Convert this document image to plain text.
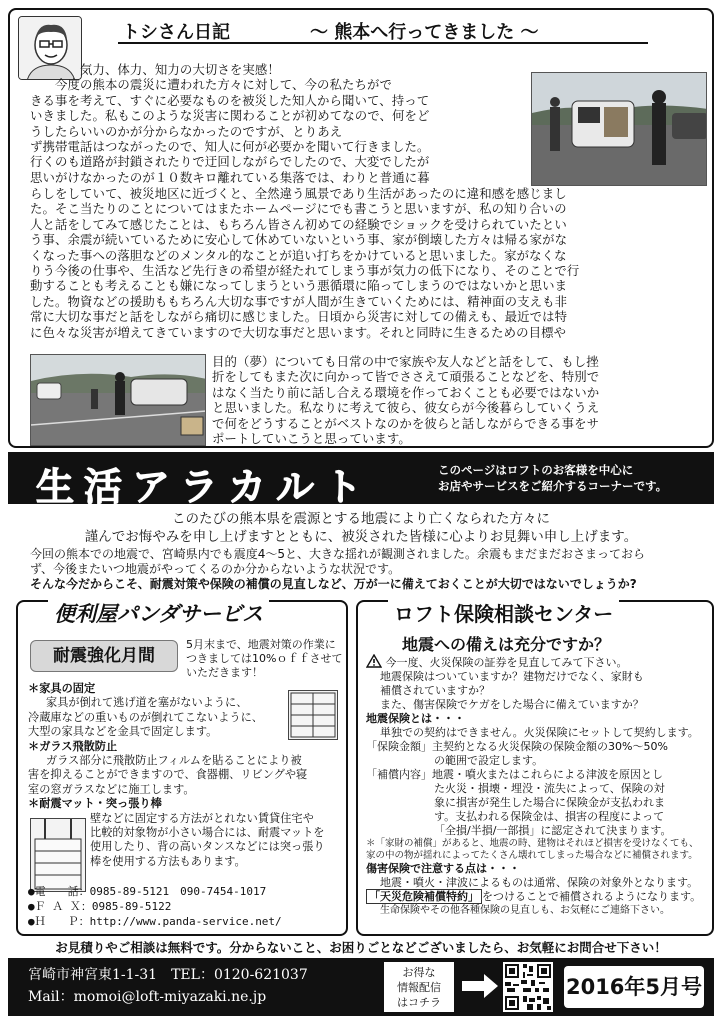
トシさん日記	～ 熊本へ行ってきました ～

　　　　気力、体力、知力の大切さを実感！

　　今度の熊本の震災に遭われた方々に対して、今の私たちがで

きる事を考えて、すぐに必要なものを被災した知人から聞いて、持って

いきました。私もこのような災害に関わることが初めてなので、何をど

うしたらいいのかが分からなかったのですが、とりあえ

ず携帯電話はつながったので、知人に何が必要かを聞いて行きました。

行くのも道路が封鎖されたりで迂回しながらでしたので、大変でしたが

思いがけなかったのが１０数キロ離れている集落では、わりと普通に暮

らしをしていて、被災地区に近づくと、全然違う風景であり生活があったのに違和感を感じまし

た。そこ当たりのことについてはまたホームページにでも書こうと思いますが、私の知り合いの

人と話をしてみて感じたことは、もちろん皆さん初めての経験でショックを受けられていたとい

う事、余震が続いているために安心して休めていないという事、家が倒壊した方々は帰る家がな

くなった事への落胆などのメンタル的なことが追い打ちをかけていると思いました。家がなくな

りう今後の仕事や、生活など先行きの希望が経たれてしまう事が気力の低下になり、そのことで行

動することも考えることも嫌になってしまうという悪循環に陥ってしまうのではないかと思いま

した。物資などの援助ももちろん大切な事ですが人間が生きていくためには、精神面の支えも非

常に大切な事だと話をしながら痛切に感じました。日頃から災害に対しての備えも、最近では特

に色々な災害が増えてきていますので大切な事だと思います。それと同時に生きるための目標や

目的（夢）についても日常の中で家族や友人などと話をして、もし挫

折をしてもまた次に向かって皆でささえて頑張ることなどを、特別で

はなく当たり前に話し合える環境を作っておくことも必要ではないか

と思いました。私なりに考えて彼ら、彼女らが今後暮らしていくうえ

で何をどうすることがベストなのかを彼らと話しながらできる事をサ

ポートしていこうと思っています。

生活アラカルト	このページはロフトのお客様を中心に
お店やサービスをご紹介するコーナーです。
このたびの熊本県を震源とする地震により亡くなられた方々に
謹んでお悔やみを申し上げますとともに、被災された皆様に心よりお見舞い申し上げます。
今回の熊本での地震で、宮崎県内でも震度4～5と、大きな揺れが観測されました。余震もまだまだおさまっておら
ず、今後またいつ地震がやってくるのか分からないような状況です。
そんな今だからこそ、耐震対策や保険の補償の見直しなど、万が一に備えておくことが大切ではないでしょうか?
便利屋パンダサービス
耐震強化月間
5月末まで、地震対策の作業につきましては10%ｏｆｆさせていただきます！
＊家具の固定
家具が倒れて逃げ道を塞がないように、
冷蔵庫などの重いものが倒れてこないように、
大型の家具などを金具で固定します。
＊ガラス飛散防止
ガラス部分に飛散防止フィルムを貼ることにより被
害を抑えることができますので、食器棚、リビングや寝
室の窓ガラスなどに施工します。
＊耐震マット・突っ張り棒
壁などに固定する方法がとれない賃貸住宅や
比較的対象物が小さい場合には、耐震マットを
使用したり、背の高いタンスなどには突っ張り
棒を使用する方法もあります。
●電　　話：0985-89-5121　090-7454-1017
●Ｆ Ａ Ｘ：0985-89-5122
●Ｈ　　Ｐ：http://www.panda-service.net/
ロフト保険相談センター
地震への備えは充分ですか？
今一度、火災保険の証券を見直してみて下さい。
地震保険はついていますか？建物だけでなく、家財も
補償されていますか？
また、傷害保険でケガをした場合に備えていますか？
地震保険とは・・・
単独での契約はできません。火災保険にセットして契約します。
「保険金額」主契約となる火災保険の保険金額の30%～50%
の範囲で設定します。
「補償内容」地震・噴火またはこれらによる津波を原因とし
た火災・損壊・埋没・流失によって、保険の対
象に損害が発生した場合に保険金が支払われま
す。支払われる保険金は、損害の程度によって
「全損/半損/一部損」に認定されて決まります。
＊「家財の補償」があると、地震の時、建物はそれほど損害を受けなくても、
家の中の物が揺れによってたくさん壊れてしまった場合などに補償されます。
傷害保険で注意する点は・・・
地震・噴火・津波によるものは通常、保険の対象外となります。
「天災危険補償特約」 をつけることで補償されるようになります。
生命保険やその他各種保険の見直しも、お気軽にご連絡下さい。
お見積りやご相談は無料です。分からないこと、お困りごとなどございましたら、お気軽にお問合せ下さい！
宮崎市神宮東1-1-31　 TEL：0120-621037
Mail：momoi@loft-miyazaki.ne.jp
お得な
情報配信
はコチラ
2016年5月号
